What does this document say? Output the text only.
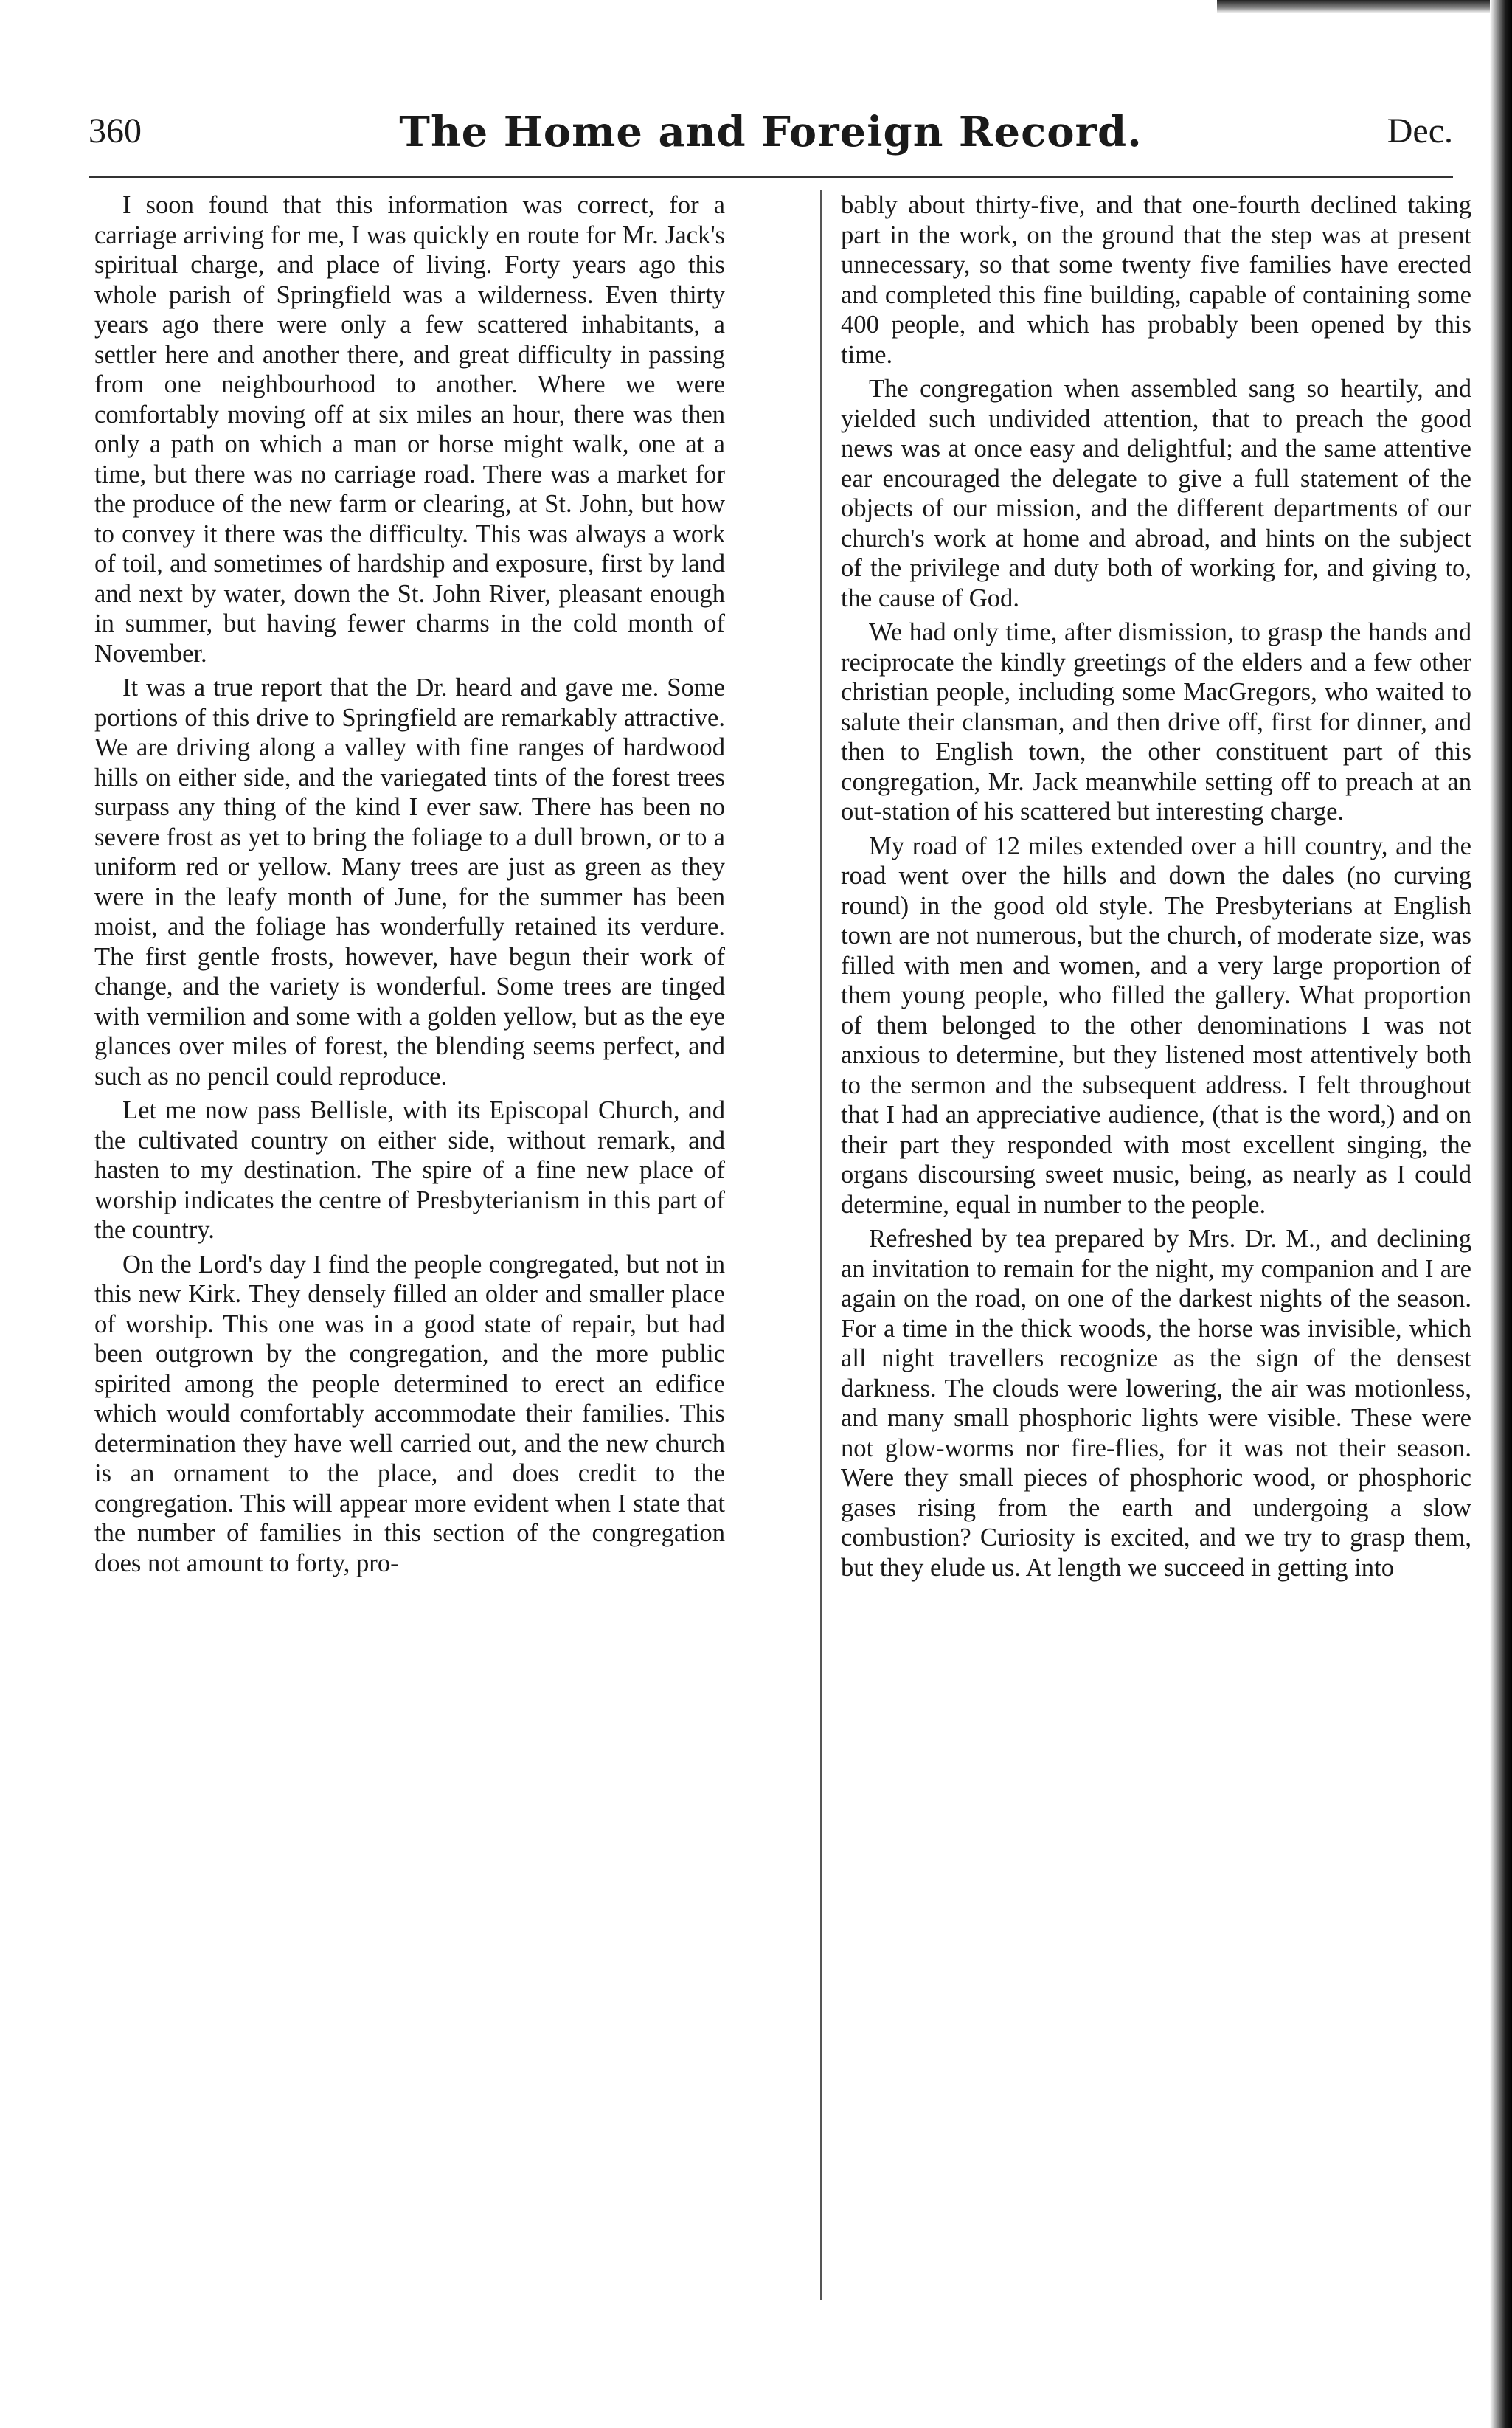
360	The Home and Foreign Record.	Dec.

I soon found that this information was correct, for a carriage arriving for me, I was quickly en route for Mr. Jack's spiritual charge, and place of living. Forty years ago this whole parish of Springfield was a wilderness. Even thirty years ago there were only a few scattered inhabitants, a settler here and another there, and great difficulty in passing from one neighbourhood to another. Where we were comfortably moving off at six miles an hour, there was then only a path on which a man or horse might walk, one at a time, but there was no carriage road. There was a market for the produce of the new farm or clearing, at St. John, but how to convey it there was the difficulty. This was always a work of toil, and sometimes of hardship and exposure, first by land and next by water, down the St. John River, pleasant enough in summer, but having fewer charms in the cold month of November.

It was a true report that the Dr. heard and gave me. Some portions of this drive to Springfield are remarkably attractive. We are driving along a valley with fine ranges of hardwood hills on either side, and the variegated tints of the forest trees surpass any thing of the kind I ever saw. There has been no severe frost as yet to bring the foliage to a dull brown, or to a uniform red or yellow. Many trees are just as green as they were in the leafy month of June, for the summer has been moist, and the foliage has wonderfully retained its verdure. The first gentle frosts, however, have begun their work of change, and the variety is wonderful. Some trees are tinged with vermilion and some with a golden yellow, but as the eye glances over miles of forest, the blending seems perfect, and such as no pencil could reproduce.

Let me now pass Bellisle, with its Episcopal Church, and the cultivated country on either side, without remark, and hasten to my destination. The spire of a fine new place of worship indicates the centre of Presbyterianism in this part of the country.

On the Lord's day I find the people congregated, but not in this new Kirk. They densely filled an older and smaller place of worship. This one was in a good state of repair, but had been outgrown by the congregation, and the more public spirited among the people determined to erect an edifice which would comfortably accommodate their families. This determination they have well carried out, and the new church is an ornament to the place, and does credit to the congregation. This will appear more evident when I state that the number of families in this section of the congregation does not amount to forty, pro-

bably about thirty-five, and that one-fourth declined taking part in the work, on the ground that the step was at present unnecessary, so that some twenty five families have erected and completed this fine building, capable of containing some 400 people, and which has probably been opened by this time.

The congregation when assembled sang so heartily, and yielded such undivided attention, that to preach the good news was at once easy and delightful; and the same attentive ear encouraged the delegate to give a full statement of the objects of our mission, and the different departments of our church's work at home and abroad, and hints on the subject of the privilege and duty both of working for, and giving to, the cause of God.

We had only time, after dismission, to grasp the hands and reciprocate the kindly greetings of the elders and a few other christian people, including some MacGregors, who waited to salute their clansman, and then drive off, first for dinner, and then to English town, the other constituent part of this congregation, Mr. Jack meanwhile setting off to preach at an out-station of his scattered but interesting charge.

My road of 12 miles extended over a hill country, and the road went over the hills and down the dales (no curving round) in the good old style. The Presbyterians at English town are not numerous, but the church, of moderate size, was filled with men and women, and a very large proportion of them young people, who filled the gallery. What proportion of them belonged to the other denominations I was not anxious to determine, but they listened most attentively both to the sermon and the subsequent address. I felt throughout that I had an appreciative audience, (that is the word,) and on their part they responded with most excellent singing, the organs discoursing sweet music, being, as nearly as I could determine, equal in number to the people.

Refreshed by tea prepared by Mrs. Dr. M., and declining an invitation to remain for the night, my companion and I are again on the road, on one of the darkest nights of the season. For a time in the thick woods, the horse was invisible, which all night travellers recognize as the sign of the densest darkness. The clouds were lowering, the air was motionless, and many small phosphoric lights were visible. These were not glow-worms nor fire-flies, for it was not their season. Were they small pieces of phosphoric wood, or phosphoric gases rising from the earth and undergoing a slow combustion? Curiosity is excited, and we try to grasp them, but they elude us. At length we succeed in getting into
